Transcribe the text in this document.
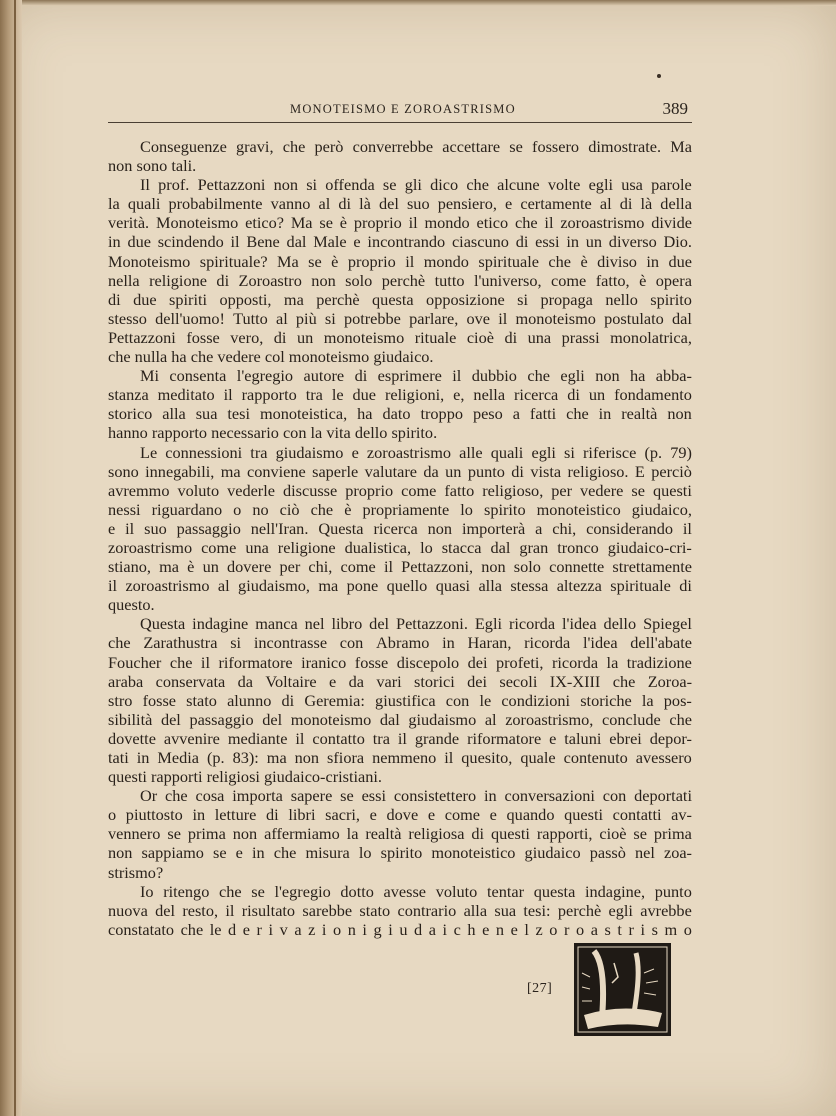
MONOTEISMO E ZOROASTRISMO	389
Conseguenze gravi, che però converrebbe accettare se fossero dimostrate. Ma
non sono tali.
Il prof. Pettazzoni non si offenda se gli dico che alcune volte egli usa parole
la quali probabilmente vanno al di là del suo pensiero, e certamente al di là della
verità. Monoteismo etico? Ma se è proprio il mondo etico che il zoroastrismo divide
in due scindendo il Bene dal Male e incontrando ciascuno di essi in un diverso Dio.
Monoteismo spirituale? Ma se è proprio il mondo spirituale che è diviso in due
nella religione di Zoroastro non solo perchè tutto l'universo, come fatto, è opera
di due spiriti opposti, ma perchè questa opposizione si propaga nello spirito
stesso dell'uomo! Tutto al più si potrebbe parlare, ove il monoteismo postulato dal
Pettazzoni fosse vero, di un monoteismo rituale cioè di una prassi monolatrica,
che nulla ha che vedere col monoteismo giudaico.
Mi consenta l'egregio autore di esprimere il dubbio che egli non ha abba-
stanza meditato il rapporto tra le due religioni, e, nella ricerca di un fondamento
storico alla sua tesi monoteistica, ha dato troppo peso a fatti che in realtà non
hanno rapporto necessario con la vita dello spirito.
Le connessioni tra giudaismo e zoroastrismo alle quali egli si riferisce (p. 79)
sono innegabili, ma conviene saperle valutare da un punto di vista religioso. E perciò
avremmo voluto vederle discusse proprio come fatto religioso, per vedere se questi
nessi riguardano o no ciò che è propriamente lo spirito monoteistico giudaico,
e il suo passaggio nell'Iran. Questa ricerca non importerà a chi, considerando il
zoroastrismo come una religione dualistica, lo stacca dal gran tronco giudaico-cri-
stiano, ma è un dovere per chi, come il Pettazzoni, non solo connette strettamente
il zoroastrismo al giudaismo, ma pone quello quasi alla stessa altezza spirituale di
questo.
Questa indagine manca nel libro del Pettazzoni. Egli ricorda l'idea dello Spiegel
che Zarathustra si incontrasse con Abramo in Haran, ricorda l'idea dell'abate
Foucher che il riformatore iranico fosse discepolo dei profeti, ricorda la tradizione
araba conservata da Voltaire e da vari storici dei secoli IX-XIII che Zoroa-
stro fosse stato alunno di Geremia: giustifica con le condizioni storiche la pos-
sibilità del passaggio del monoteismo dal giudaismo al zoroastrismo, conclude che
dovette avvenire mediante il contatto tra il grande riformatore e taluni ebrei depor-
tati in Media (p. 83): ma non sfiora nemmeno il quesito, quale contenuto avessero
questi rapporti religiosi giudaico-cristiani.
Or che cosa importa sapere se essi consistettero in conversazioni con deportati
o piuttosto in letture di libri sacri, e dove e come e quando questi contatti av-
vennero se prima non affermiamo la realtà religiosa di questi rapporti, cioè se prima
non sappiamo se e in che misura lo spirito monoteistico giudaico passò nel zoa-
strismo?
Io ritengo che se l'egregio dotto avesse voluto tentar questa indagine, punto
nuova del resto, il risultato sarebbe stato contrario alla sua tesi: perchè egli avrebbe
constatato che le d e r i v a z i o n i g i u d a i c h e n e l z o r o a s t r i s m o
[27]
